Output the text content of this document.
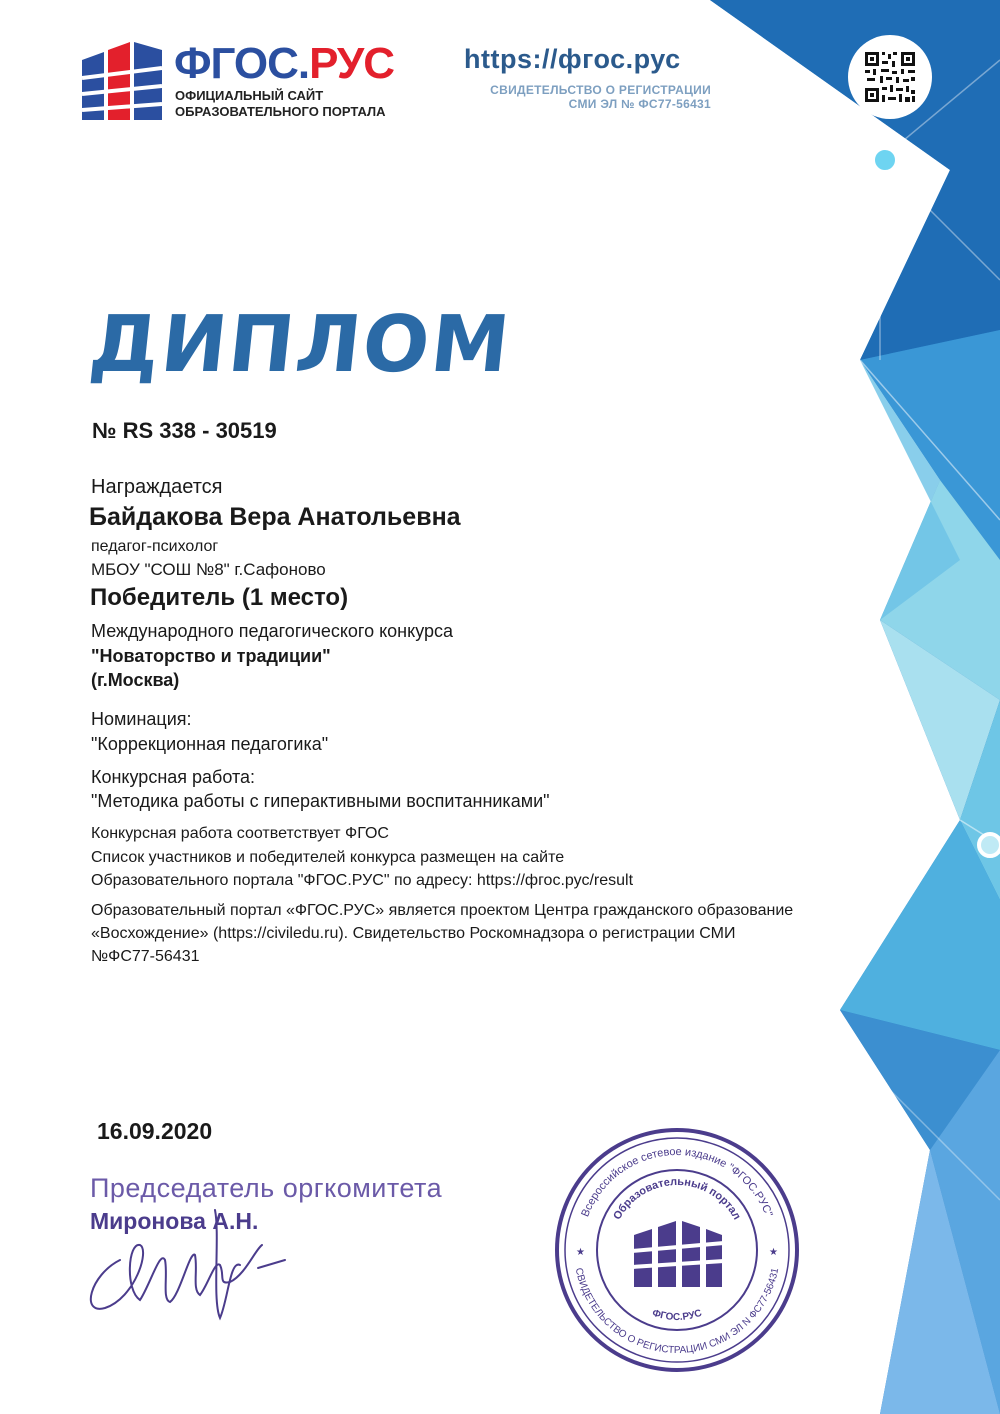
ФГОС.РУС
ОФИЦИАЛЬНЫЙ САЙТ
ОБРАЗОВАТЕЛЬНОГО ПОРТАЛА
https://фгос.рус
СВИДЕТЕЛЬСТВО О РЕГИСТРАЦИИ
СМИ ЭЛ № ФС77-56431
ДИПЛОМ
№ RS 338 - 30519
Награждается
Байдакова Вера Анатольевна
педагог-психолог
МБОУ "СОШ №8" г.Сафоново
Победитель (1 место)
Международного педагогического конкурса
"Новаторство и традиции"
(г.Москва)
Номинация:
"Коррекционная педагогика"
Конкурсная работа:
"Методика работы с гиперактивными воспитанниками"
Конкурсная работа соответствует ФГОС
Список участников и победителей конкурса размещен на сайте
Образовательного портала "ФГОС.РУС" по адресу: https://фгос.рус/result
Образовательный портал «ФГОС.РУС» является проектом Центра гражданского образование
«Восхождение» (https://civiledu.ru). Свидетельство Роскомнадзора о регистрации СМИ
№ФС77-56431
16.09.2020
Председатель оргкомитета
Миронова А.Н.	Всероссийское сетевое издание "ФГОС.РУС"
СВИДЕТЕЛЬСТВО О РЕГИСТРАЦИИ СМИ ЭЛ N ФС77-56431
Образовательный портал
ФГОС.РУС
★	★
